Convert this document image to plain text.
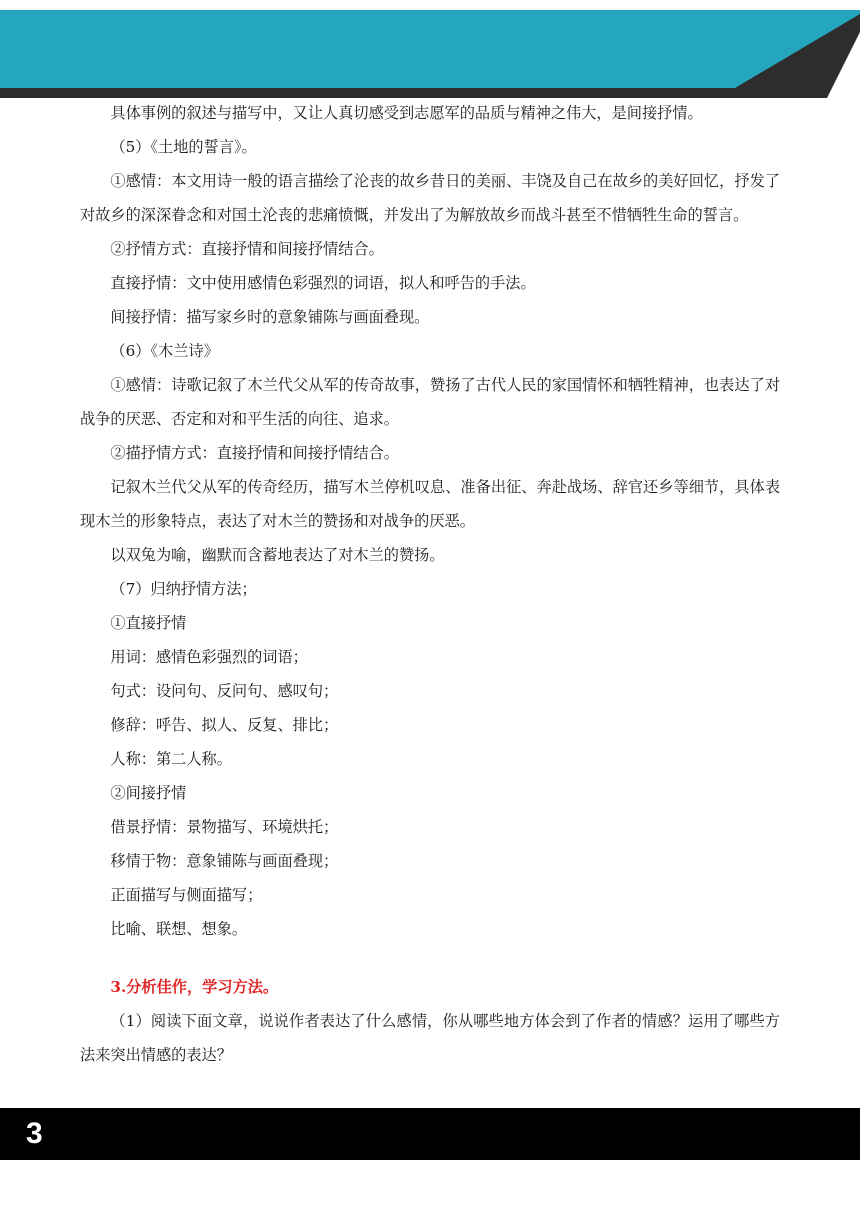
具体事例的叙述与描写中，又让人真切感受到志愿军的品质与精神之伟大，是间接抒情。

（5）《土地的誓言》。

①感情：本文用诗一般的语言描绘了沦丧的故乡昔日的美丽、丰饶及自己在故乡的美好回忆，抒发了对故乡的深深眷念和对国土沦丧的悲痛愤慨，并发出了为解放故乡而战斗甚至不惜牺牲生命的誓言。

②抒情方式：直接抒情和间接抒情结合。

直接抒情：文中使用感情色彩强烈的词语，拟人和呼告的手法。

间接抒情：描写家乡时的意象铺陈与画面叠现。

（6）《木兰诗》

①感情：诗歌记叙了木兰代父从军的传奇故事，赞扬了古代人民的家国情怀和牺牲精神，也表达了对战争的厌恶、否定和对和平生活的向往、追求。

②描抒情方式：直接抒情和间接抒情结合。

记叙木兰代父从军的传奇经历，描写木兰停机叹息、准备出征、奔赴战场、辞官还乡等细节，具体表现木兰的形象特点，表达了对木兰的赞扬和对战争的厌恶。

以双兔为喻，幽默而含蓄地表达了对木兰的赞扬。

（7）归纳抒情方法；

①直接抒情

用词：感情色彩强烈的词语；

句式：设问句、反问句、感叹句；

修辞：呼告、拟人、反复、排比；

人称：第二人称。

②间接抒情

借景抒情：景物描写、环境烘托；

移情于物：意象铺陈与画面叠现；

正面描写与侧面描写；

比喻、联想、想象。

3.分析佳作，学习方法。

（1）阅读下面文章，说说作者表达了什么感情，你从哪些地方体会到了作者的情感？运用了哪些方法来突出情感的表达？

3
